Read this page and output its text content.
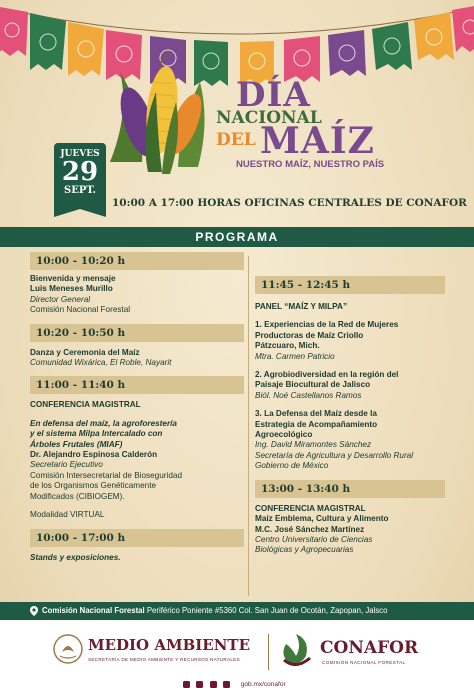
DÍA
NACIONAL
DEL MAÍZ
NUESTRO MAÍZ, NUESTRO PAÍS
JUEVES
29
SEPT.
10:00 A 17:00 HORAS OFICINAS CENTRALES DE CONAFOR
PROGRAMA
10:00 - 10:20 h
Bienvenida y mensaje
Luis Meneses Murillo
Director General
Comisión Nacional Forestal
10:20 - 10:50 h
Danza y Ceremonia del Maíz
Comunidad Wixárica, El Roble, Nayarit
11:00 - 11:40 h
CONFERENCIA MAGISTRAL
En defensa del maíz, la agroforestería
y el sistema Milpa Intercalado con
Árboles Frutales (MIAF)
Dr. Alejandro Espinosa Calderón
Secretario Ejecutivo
Comisión Intersecretarial de Bioseguridad
de los Organismos Genéticamente
Modificados (CIBIOGEM).
Modalidad VIRTUAL
10:00 - 17:00 h
Stands y exposiciones.
11:45 - 12:45 h
PANEL “MAÍZ Y MILPA”
1. Experiencias de la Red de Mujeres
Productoras de Maíz Criollo
Pátzcuaro, Mich.
Mtra. Carmen Patricio
2. Agrobiodiversidad en la región del
Paisaje Biocultural de Jalisco
Biól. Noé Castellanos Ramos
3. La Defensa del Maíz desde la
Estrategia de Acompañamiento
Agroecológico
Ing. David Miramontes Sánchez
Secretaría de Agricultura y Desarrollo Rural
Gobierno de México
13:00 - 13:40 h
CONFERENCIA MAGISTRAL
Maíz Emblema, Cultura y Alimento
M.C. José Sánchez Martínez
Centro Universitario de Ciencias
Biológicas y Agropecuarias
Comisión Nacional Forestal Periférico Poniente #5360 Col. San Juan de Ocotán, Zapopan, Jalsco
MEDIO AMBIENTE
SECRETARÍA DE MEDIO AMBIENTE Y RECURSOS NATURALES
CONAFOR
COMISIÓN NACIONAL FORESTAL
gob.mx/conafor
